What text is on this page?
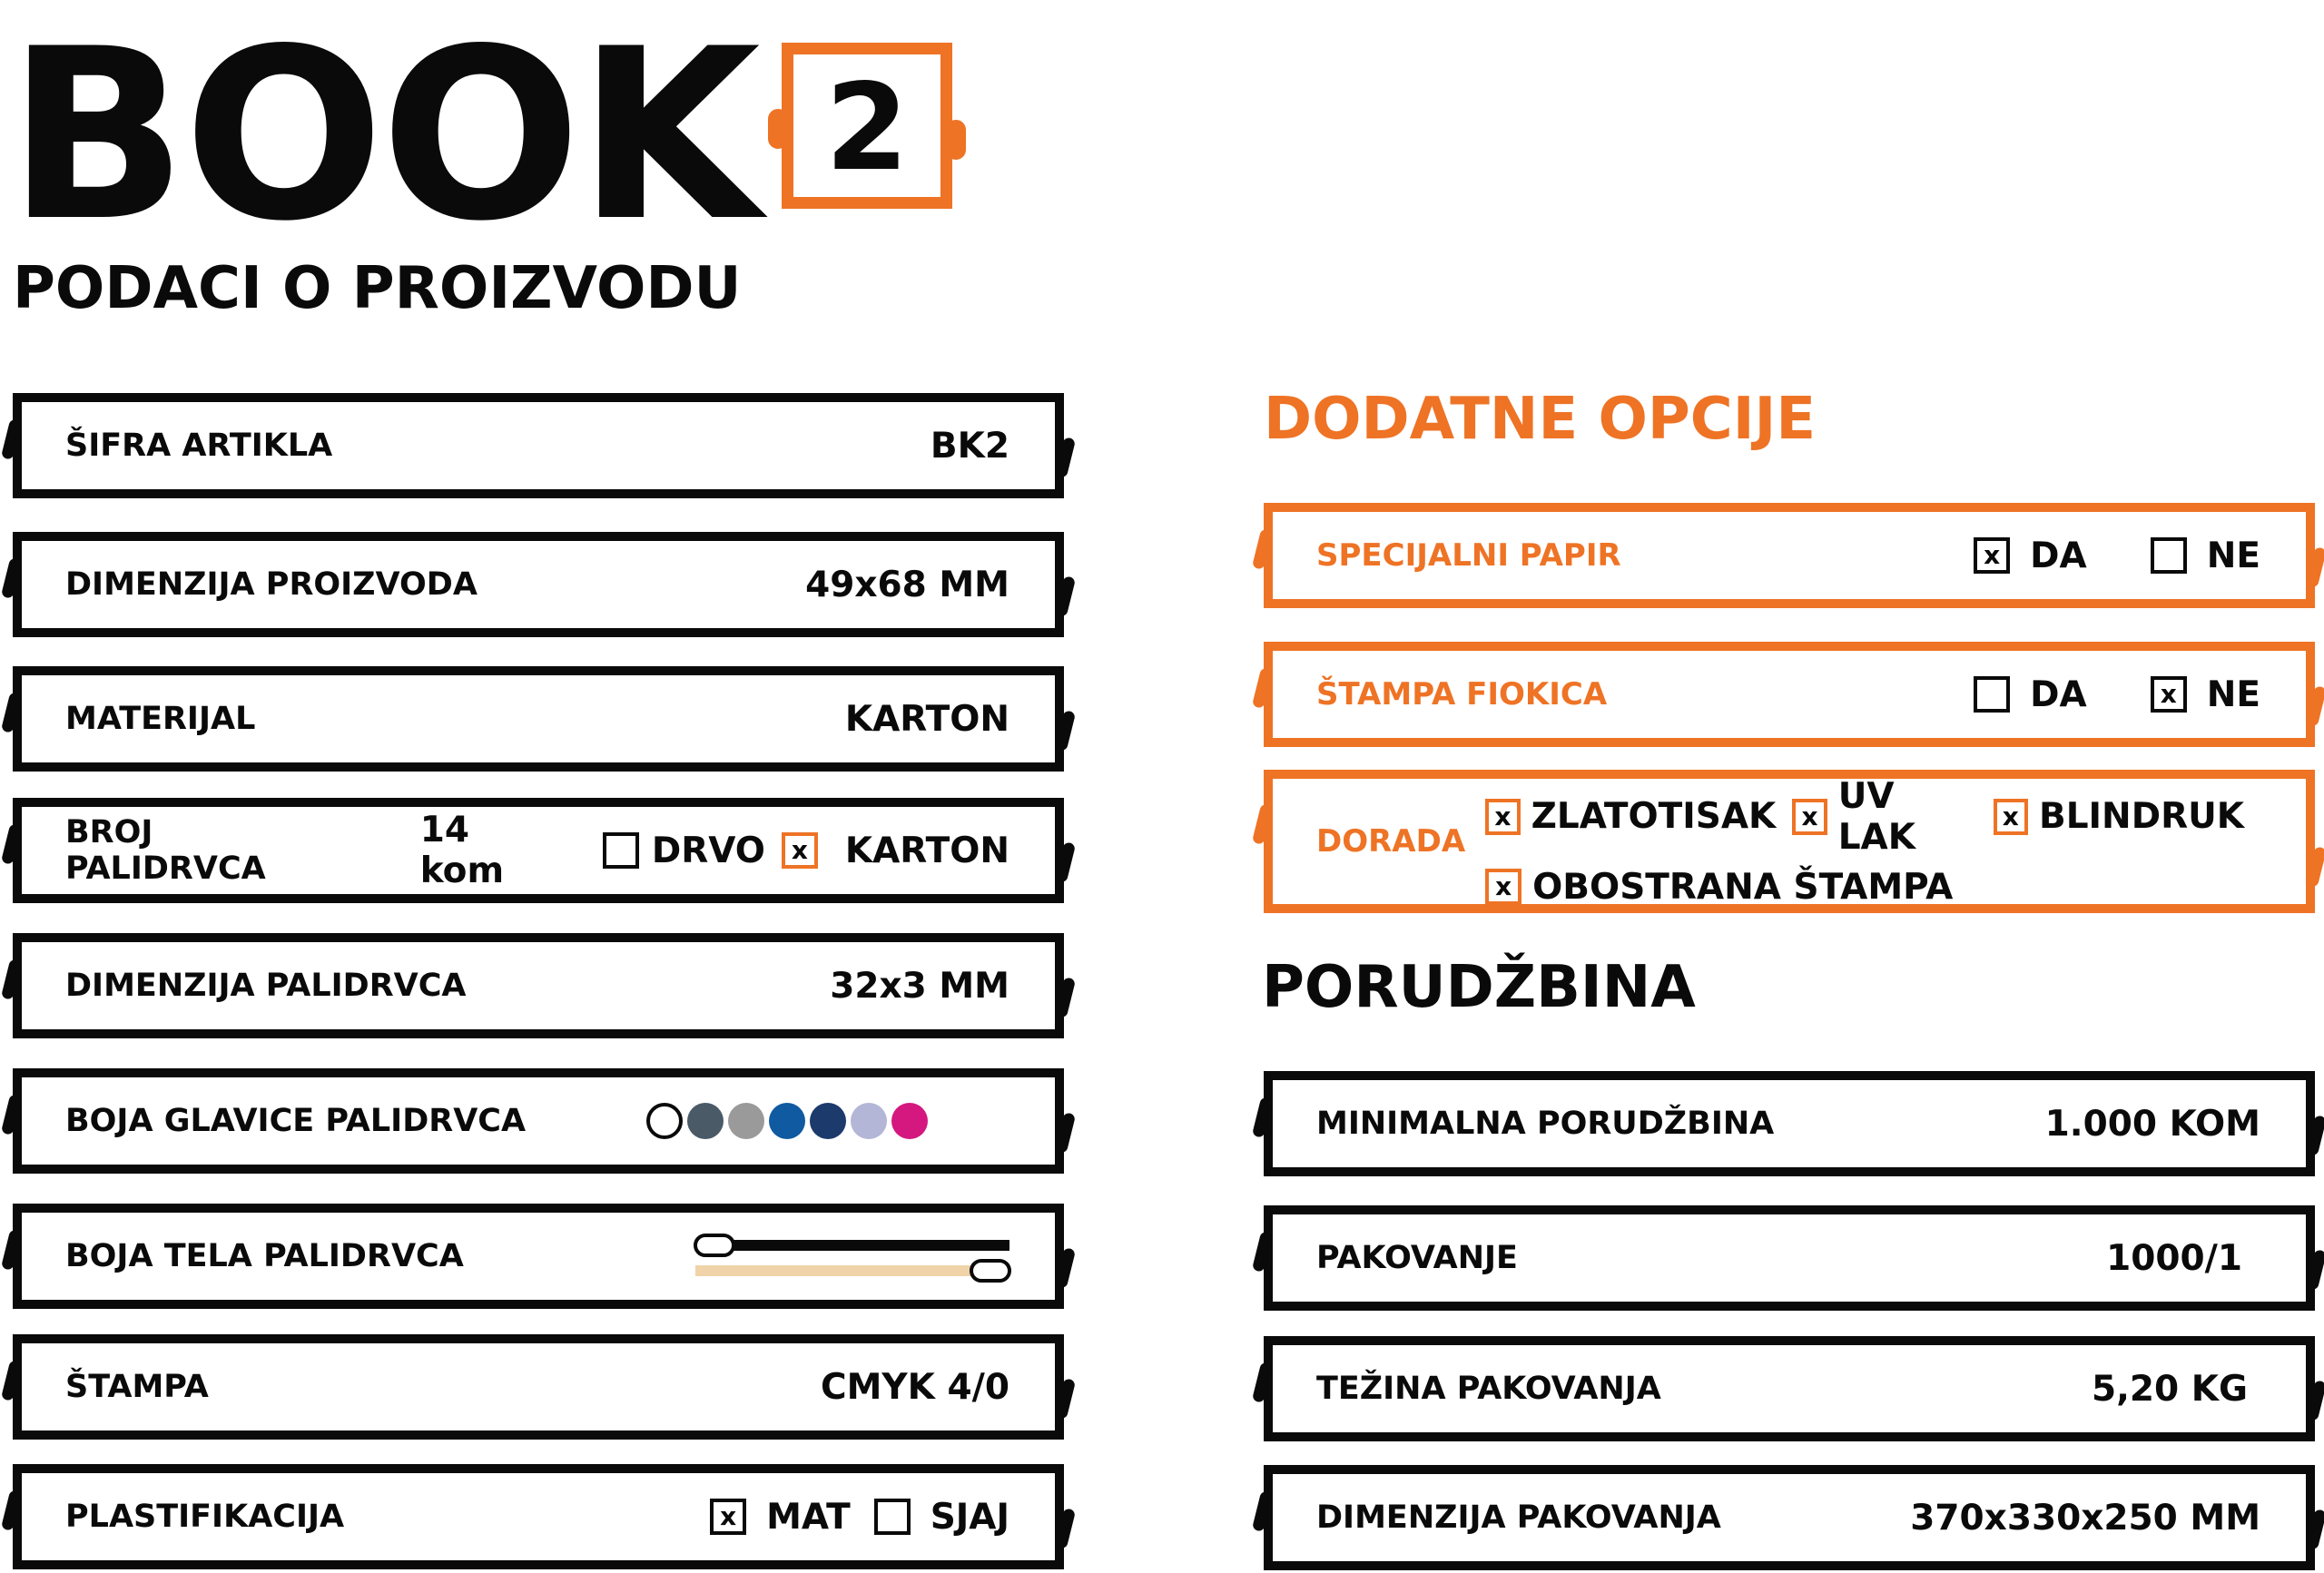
BOOK 2
PODACI O PROIZVODU
ŠIFRA ARTIKLA	BK2
DIMENZIJA PROIZVODA	49x68 MM
MATERIJAL	KARTON
BROJ PALIDRVCA
14 kom	DRVO	x KARTON
DIMENZIJA PALIDRVCA	32x3 MM
BOJA GLAVICE PALIDRVCA
BOJA TELA PALIDRVCA
ŠTAMPA	CMYK 4/0
PLASTIFIKACIJA	x MAT SJAJ
DODATNE OPCIJE
SPECIJALNI PAPIR	x DA	NE
ŠTAMPA FIOKICA	DA	x NE
DORADA
x ZLATOTISAK	x UV LAK
x BLINDRUK
x OBOSTRANA ŠTAMPA
PORUDŽBINA
MINIMALNA PORUDŽBINA	1.000 KOM
PAKOVANJE	1000/1
TEŽINA PAKOVANJA	5,20 KG
DIMENZIJA PAKOVANJA	370x330x250 MM
